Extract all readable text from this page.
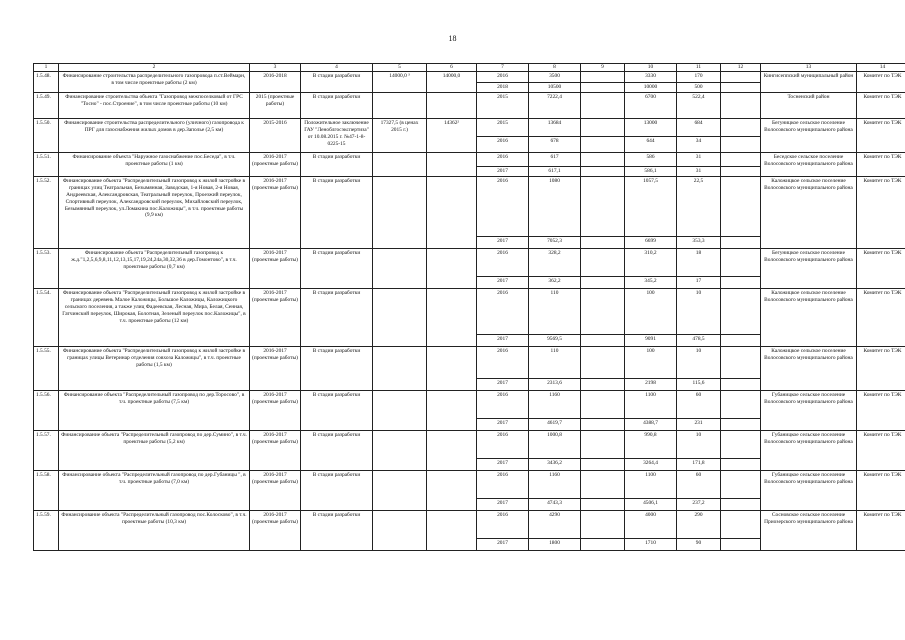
18
1	2	3	4	5	6	7	8	9	10	11	12	13	14
1.5.48.	Финансирование строительства распределительного газопровода п.ст.Веймарн, в том числе проектные работы (2 км)	2016-2018	В стадии разработки	14000,0 ³	14000,0	2016	3500		3330	170		Кингисеппский муниципальный район	Комитет по ТЭК
						2018	10500		10000	500			
1.5.49.	Финансирование строительства объекта "Газопровод межпоселковый от ГРС "Тосно" - пос.Строение", в том числе проектные работы (10 км)	2015 (проектные работы)	В стадии разработки			2015	7222,4		6700	522,4		Тосненский район	Комитет по ТЭК
1.5.50.	Финансирование строительства распределительного (уличного) газопровода к ПРГ для газоснабжения жилых домов в дер.Заполье (2,5 км)	2015-2016	Положительное заключение ГАУ "Леноблгосэкспертиза" от 10.08.2015 г. №47-1-8-0225-15	17327,5 (в ценах 2015 г.)	14362²	2015	13684		13000	684		Бегуницкое сельское поселение Волосовского муниципального района	Комитет по ТЭК
						2016	678		644	34			
1.5.51.	Финансирование объекта "Наружное газоснабжение пос.Беседа", в т.ч. проектные работы (1 км)	2016-2017 (проектные работы)	В стадии разработки			2016	617		586	31		Беседское сельское поселение Волосовского муниципального района	Комитет по ТЭК
						2017	617,1		586,1	31			
1.5.52.	Финансирование объекта "Распределительный газопровод к жилой застройке в границах улиц Театральная, Безымянная, Заводская, 1-я Новая, 2-я Новая, Андреевская, Александровская, Театральный переулок, Проезжий переулок, Спортивный переулок, Александровский переулок, Михайловский переулок, Безымянный переулок, ул.Ломакина пос.Каложицы", в т.ч. проектные работы (9,9 км)	2016-2017 (проектные работы)	В стадии разработки			2016	1080		1057,5	22,5		Каложицкое сельское поселение Волосовского муниципального района	Комитет по ТЭК
						2017	7052,3		6699	353,3			
1.5.53.	Финансирование объекта "Распределительный газопровод к ж.д."1,2,5,6,9,8,11,12,13,15,17,19,24,24а,30,32,36 в дер.Гомонтово", в т.ч. проектные работы (0,7 км)	2016-2017 (проектные работы)	В стадии разработки			2016	328,2		310,2	18		Бегуницкое сельское поселение Волосовского муниципального района	Комитет по ТЭК
						2017	362,2		345,2	17			
1.5.54.	Финансирование объекта "Распределительный газопровод к жилой застройке в границах деревень Малое Каложицы, Большое Каложицы, Каложицкого сельского поселения, а также улиц Фадеевская, Лесная, Мира, Белая, Сенная, Гатчинский переулок, Широкая, Болотная, Зеленый переулок пос.Каложицы", в т.ч. проектные работы (12 км)	2016-2017 (проектные работы)	В стадии разработки			2016	110		100	10		Каложицкое сельское поселение Волосовского муниципального района	Комитет по ТЭК
						2017	9569,5		9091	478,5			
1.5.55.	Финансирование объекта "Распределительный газопровод к жилой застройке в границах улицы Ветеринар отделения совхоза Каложицы", в т.ч. проектные работы (1,5 км)	2016-2017 (проектные работы)	В стадии разработки			2016	110		100	10		Каложицкое сельское поселение Волосовского муниципального района	Комитет по ТЭК
						2017	2313,6		2198	115,6			
1.5.56.	Финансирование объекта "Распределительный газопровод по дер.Торосово", в т.ч. проектные работы (7,5 км)	2016-2017 (проектные работы)	В стадии разработки			2016	1160		1100	60		Губаницкое сельское поселение Волосовского муниципального района	Комитет по ТЭК
						2017	4619,7		4388,7	231			
1.5.57.	Финансирование объекта "Распределительный газопровод по дер.Сумино", в т.ч. проектные работы (5,2 км)	2016-2017 (проектные работы)	В стадии разработки			2016	1000,8		990,8	10		Губаницкое сельское поселение Волосовского муниципального района	Комитет по ТЭК
						2017	3436,2		3264,4	171,8			
1.5.58.	Финансирование объекта "Распределительный газопровод по дер.Губаницы ", в т.ч. проектные работы (7,0 км)	2016-2017 (проектные работы)	В стадии разработки			2016	1160		1100	60		Губаницкое сельское поселение Волосовского муниципального района	Комитет по ТЭК
						2017	4743,3		4506,1	237,2			
1.5.59.	Финансирование объекта "Распределительный газопровод пос.Колосково", в т.ч. проектные работы (10,3 км)	2016-2017 (проектные работы)	В стадии разработки			2016	4290		4000	290		Сосновское сельское поселение Приозерского муниципального района	Комитет по ТЭК
						2017	1800		1710	90			
